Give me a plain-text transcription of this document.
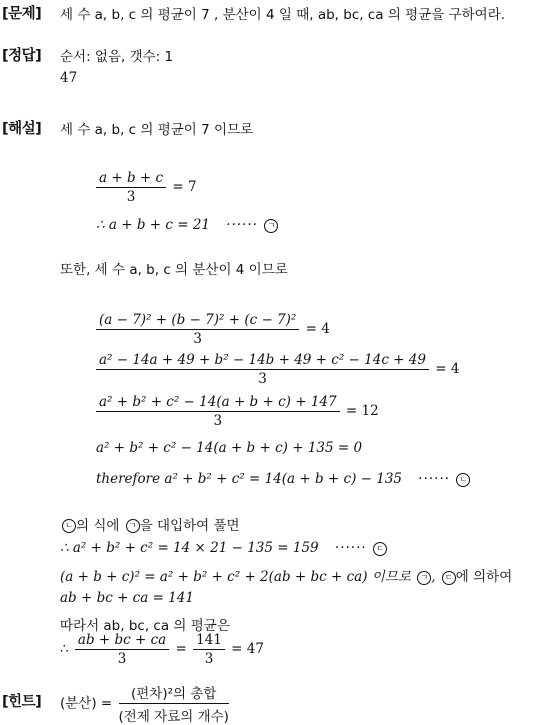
[문제] 세 수 a, b, c 의 평균이 7 , 분산이 4 일 때, ab, bc, ca 의 평균을 구하여라.
[정답] 순서: 없음, 갯수: 1
47
[해설] 세 수 a, b, c 의 평균이 7 이므로
$\frac{a + b + c}{3} = 7$
∴ a + b + c = 21 ······ ㄱ
또한, 세 수 a, b, c 의 분산이 4 이므로
$\frac{\text{(a − 7)² + (b − 7)² + (c − 7)²}}{3} = 4$
$\frac{\text{a² − 14a + 49 + b² − 14b + 49 + c² − 14c + 49}}{3} = 4$
$\frac{\text{a² + b² + c² − 14(a + b + c) + 147}}{3} = 12$
a² + b² + c² − 14(a + b + c) + 135 = 0
therefore a² + b² + c² = 14(a + b + c) − 135 ······ ㄴ
ㄴ 의 식에 ㄱ 을 대입하여 풀면
∴ a² + b² + c² = 14 × 21 − 135 = 159 ······ ㄷ
(a + b + c)² = a² + b² + c² + 2(ab + bc + ca) 이므로 ㄱ , ㄷ 에 의하여
ab + bc + ca = 141
따라서 ab, bc, ca 의 평균은
∴ $\frac{ab + bc + ca}{3} = \frac{141}{3} = 47$
[힌트] (분산) = $\frac{\text{(편차)²의 총합}}{\text{(전제 자료의 개수)}}$
